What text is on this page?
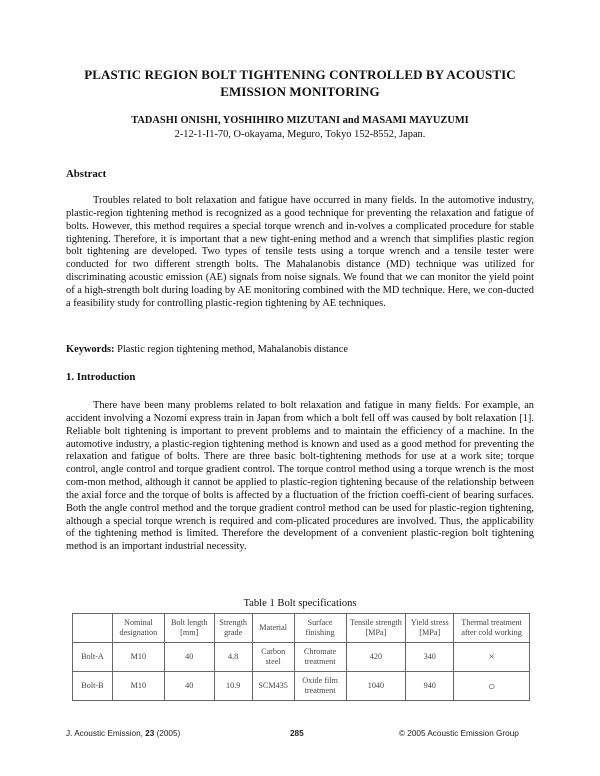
PLASTIC REGION BOLT TIGHTENING CONTROLLED BY ACOUSTIC
EMISSION MONITORING
TADASHI ONISHI, YOSHIHIRO MIZUTANI and MASAMI MAYUZUMI
2-12-1-I1-70, O-okayama, Meguro, Tokyo 152-8552, Japan.
Abstract

Troubles related to bolt relaxation and fatigue have occurred in many fields. In the automotive industry, plastic-region tightening method is recognized as a good technique for preventing the relaxation and fatigue of bolts. However, this method requires a special torque wrench and in-volves a complicated procedure for stable tightening. Therefore, it is important that a new tight-ening method and a wrench that simplifies plastic region bolt tightening are developed. Two types of tensile tests using a torque wrench and a tensile tester were conducted for two different strength bolts. The Mahalanobis distance (MD) technique was utilized for discriminating acoustic emission (AE) signals from noise signals. We found that we can monitor the yield point of a high-strength bolt during loading by AE monitoring combined with the MD technique. Here, we con-ducted a feasibility study for controlling plastic-region tightening by AE techniques.

Keywords: Plastic region tightening method, Mahalanobis distance
1. Introduction

There have been many problems related to bolt relaxation and fatigue in many fields. For example, an accident involving a Nozomi express train in Japan from which a bolt fell off was caused by bolt relaxation [1]. Reliable bolt tightening is important to prevent problems and to maintain the efficiency of a machine. In the automotive industry, a plastic-region tightening method is known and used as a good method for preventing the relaxation and fatigue of bolts. There are three basic bolt-tightening methods for use at a work site; torque control, angle control and torque gradient control. The torque control method using a torque wrench is the most com-mon method, although it cannot be applied to plastic-region tightening because of the relationship between the axial force and the torque of bolts is affected by a fluctuation of the friction coeffi-cient of bearing surfaces. Both the angle control method and the torque gradient control method can be used for plastic-region tightening, although a special torque wrench is required and com-plicated procedures are involved. Thus, the applicability of the tightening method is limited. Therefore the development of a convenient plastic-region bolt tightening method is an important industrial necessity.

Table 1 Bolt specifications
	Nominal designation	Bolt length [mm]	Strength grade	Material	Surface finishing	Tensile strength [MPa]	Yield stress [MPa]	Thermal treatment after cold working
Bolt-A	M10	40	4.8	Carbon steel	Chromate treatment	420	340	×
Bolt-B	M10	40	10.9	SCM435	Oxide film treatment	1040	940	○
J. Acoustic Emission, 23 (2005)	285	© 2005 Acoustic Emission Group
